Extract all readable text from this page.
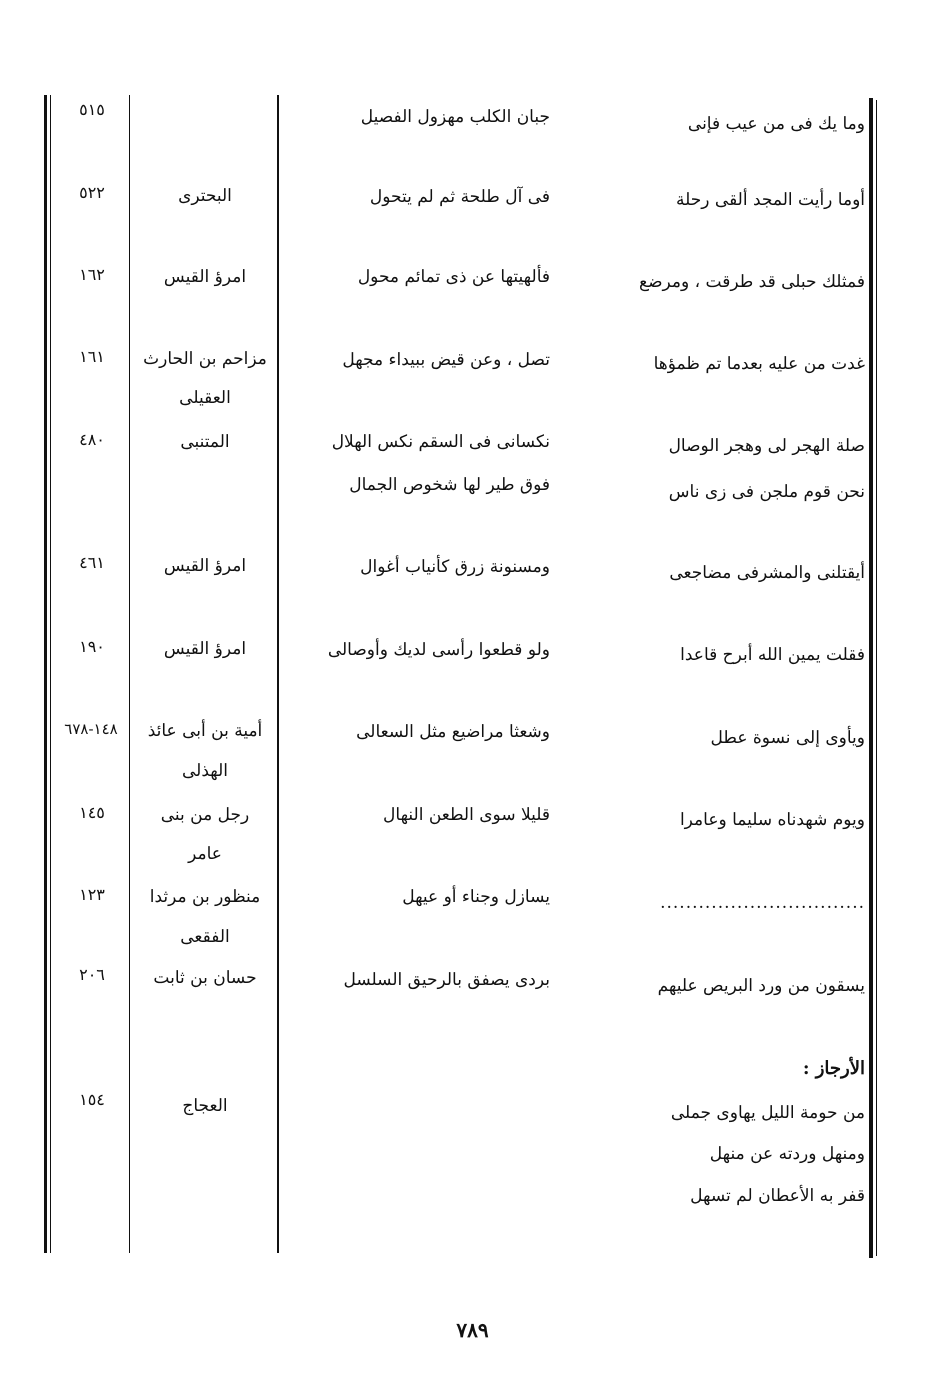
وما يك فى من عيب فإنى
جبان الكلب مهزول الفصيل
٥١٥
أوما رأيت المجد ألقى رحلة
فى آل طلحة ثم لم يتحول
البحترى
٥٢٢
فمثلك حبلى قد طرقت ، ومرضع
فألهيتها عن ذى تمائم محول
امرؤ القيس
١٦٢
غدت من عليه بعدما تم ظمؤها
تصل ، وعن قيض ببيداء مجهل
مزاحم بن الحارث
العقيلى
١٦١
صلة الهجر لى وهجر الوصال
نكسانى فى السقم نكس الهلال
المتنبى
٤٨٠
نحن قوم ملجن فى زى ناس
فوق طير لها شخوص الجمال
أيقتلنى والمشرفى مضاجعى
ومسنونة زرق كأنياب أغوال
امرؤ القيس
٤٦١
فقلت يمين الله أبرح قاعدا
ولو قطعوا رأسى لديك وأوصالى
امرؤ القيس
١٩٠
ويأوى إلى نسوة عطل
وشعثا مراضيع مثل السعالى
أمية بن أبى عائذ
الهذلى
١٤٨-٦٧٨
ويوم شهدناه سليما وعامرا
قليلا سوى الطعن النهال
رجل من بنى
عامر
١٤٥
................................
يسازل وجناء أو عيهل
منظور بن مرثدا
الفقعى
١٢٣
يسقون من ورد البريص عليهم
بردى يصفق بالرحيق السلسل
حسان بن ثابت
٢٠٦
الأرجاز :
من حومة الليل يهاوى جملى
ومنهل وردته عن منهل
قفر به الأعطان لم تسهل
العجاج
١٥٤
٧٨٩
